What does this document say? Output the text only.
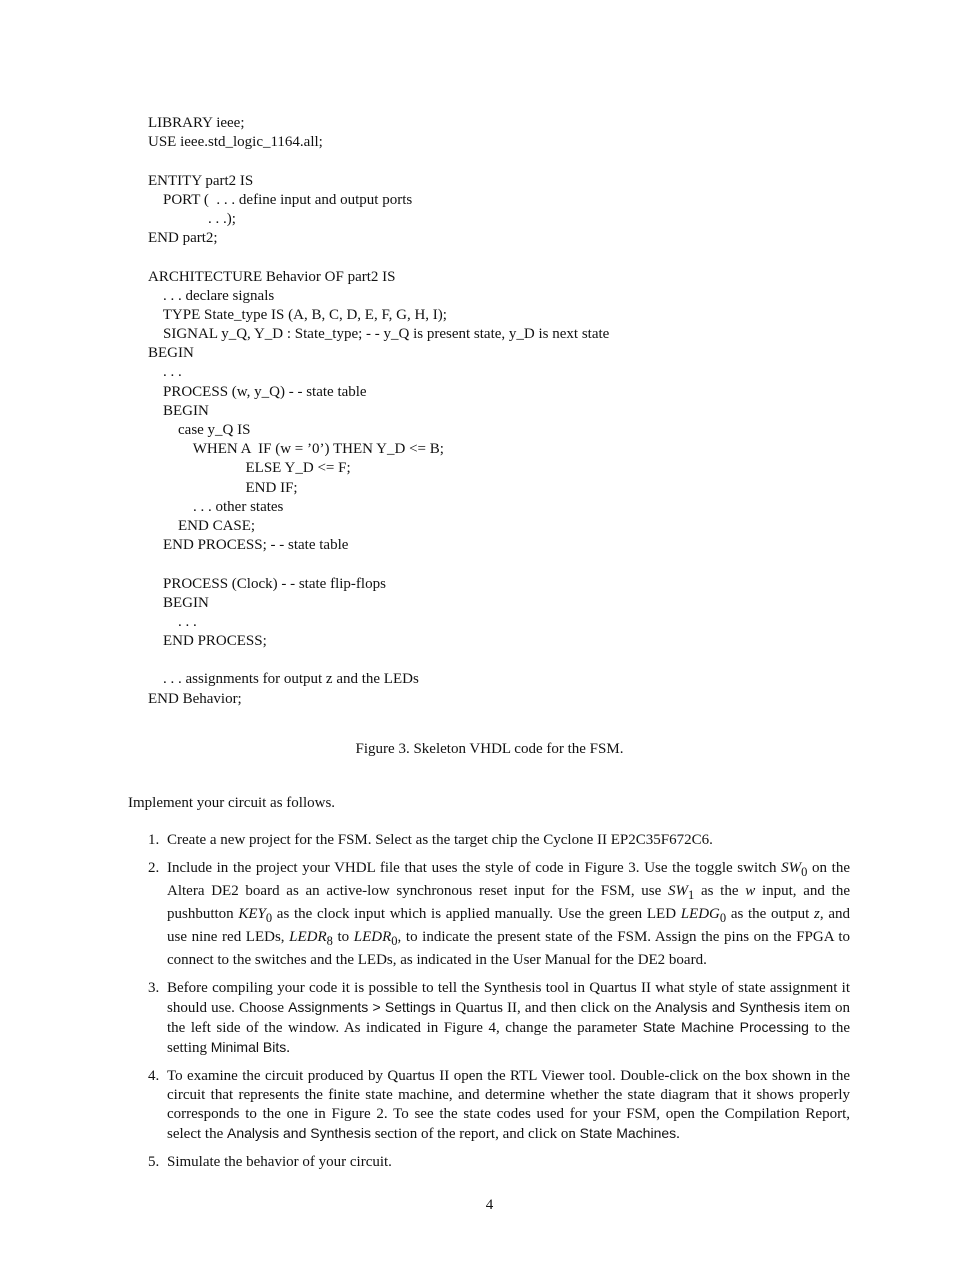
LIBRARY ieee;
USE ieee.std_logic_1164.all;
ENTITY part2 IS
PORT (  . . . define input and output ports
. . .);
END part2;
ARCHITECTURE Behavior OF part2 IS
. . . declare signals
TYPE State_type IS (A, B, C, D, E, F, G, H, I);
SIGNAL y_Q, Y_D : State_type; - - y_Q is present state, y_D is next state
BEGIN
. . .
PROCESS (w, y_Q) - - state table
BEGIN
case y_Q IS
WHEN A  IF (w = ’0’) THEN Y_D <= B;
ELSE Y_D <= F;
END IF;
. . . other states
END CASE;
END PROCESS; - - state table
PROCESS (Clock) - - state flip-flops
BEGIN
. . .
END PROCESS;
. . . assignments for output z and the LEDs
END Behavior;
Figure 3. Skeleton VHDL code for the FSM.
Implement your circuit as follows.
1. Create a new project for the FSM. Select as the target chip the Cyclone II EP2C35F672C6.
2. Include in the project your VHDL file that uses the style of code in Figure 3. Use the toggle switch $SW_0$ on the Altera DE2 board as an active-low synchronous reset input for the FSM, use $SW_1$ as the w input, and the pushbutton $KEY_0$ as the clock input which is applied manually. Use the green LED $LEDG_0$ as the output z, and use nine red LEDs, $LEDR_8$ to $LEDR_0$, to indicate the present state of the FSM. Assign the pins on the FPGA to connect to the switches and the LEDs, as indicated in the User Manual for the DE2 board.
3. Before compiling your code it is possible to tell the Synthesis tool in Quartus II what style of state assignment it should use. Choose Assignments > Settings in Quartus II, and then click on the Analysis and Synthesis item on the left side of the window. As indicated in Figure 4, change the parameter State Machine Processing to the setting Minimal Bits.
4. To examine the circuit produced by Quartus II open the RTL Viewer tool. Double-click on the box shown in the circuit that represents the finite state machine, and determine whether the state diagram that it shows properly corresponds to the one in Figure 2. To see the state codes used for your FSM, open the Compilation Report, select the Analysis and Synthesis section of the report, and click on State Machines.
5. Simulate the behavior of your circuit.
4
